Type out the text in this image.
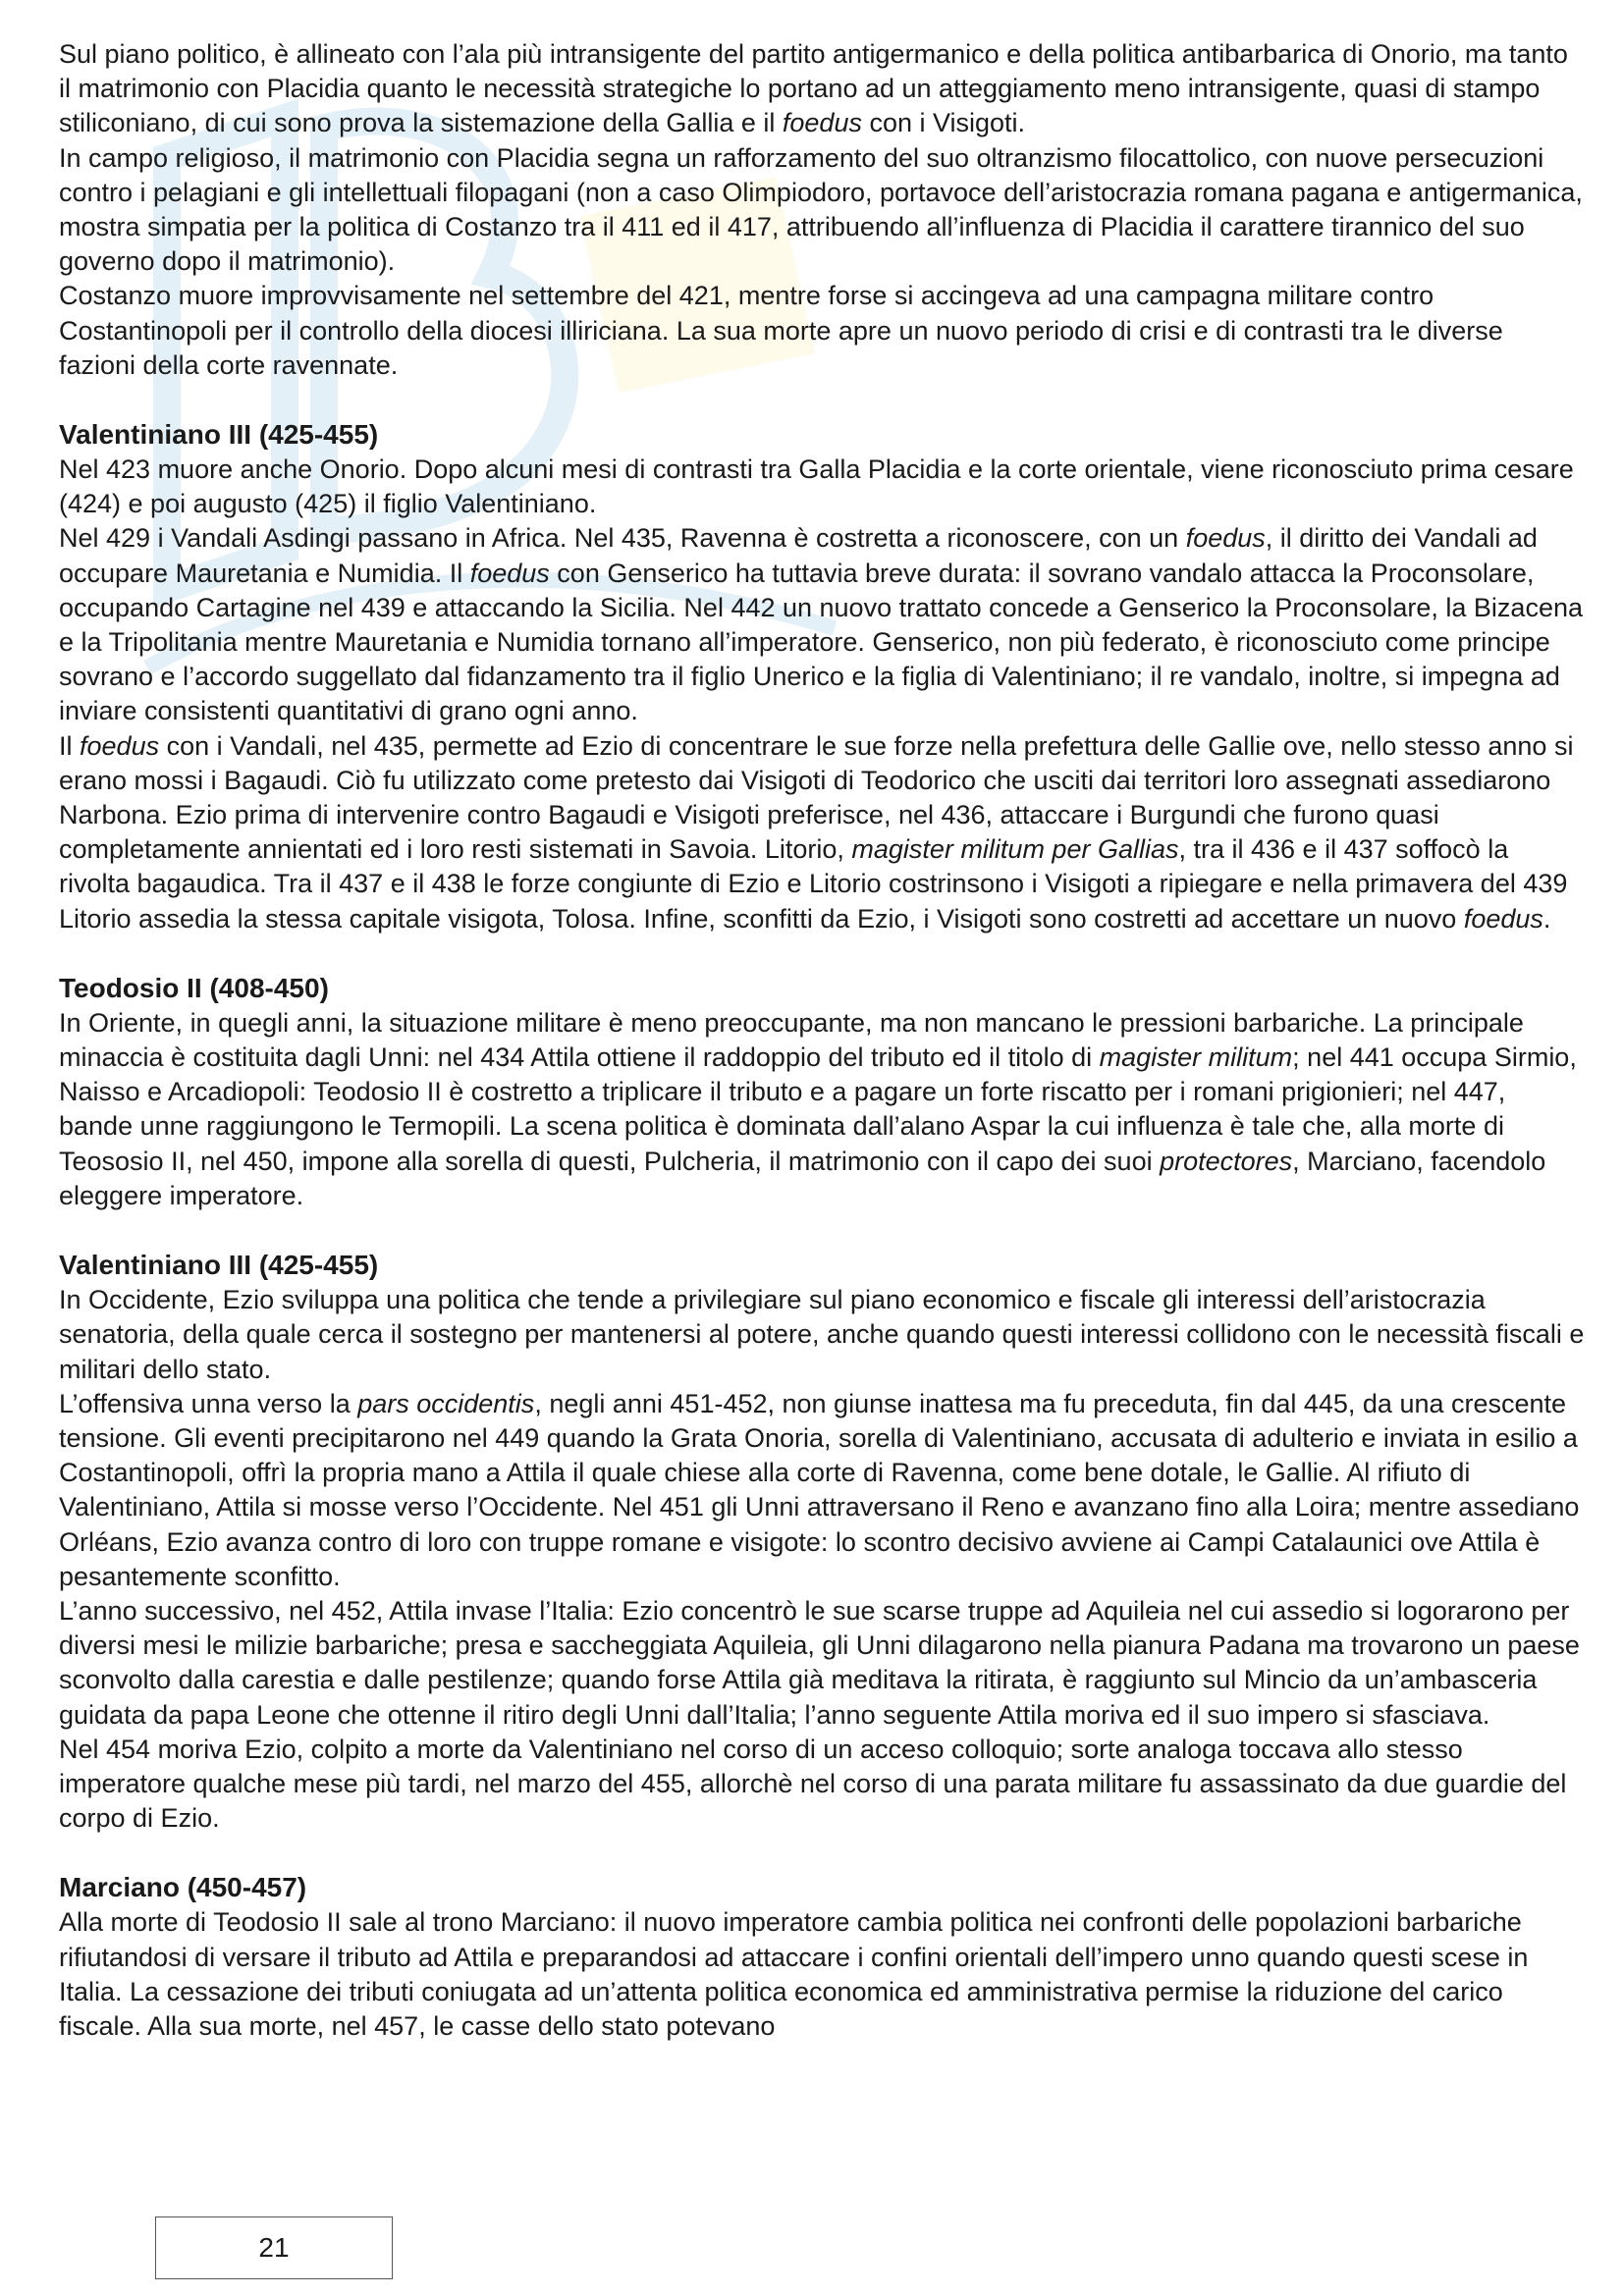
Sul piano politico, è allineato con l’ala più intransigente del partito antigermanico e della politica antibarbarica di Onorio, ma tanto il matrimonio con Placidia quanto le necessità strategiche lo portano ad un atteggiamento meno intransigente, quasi di stampo stiliconiano, di cui sono prova la sistemazione della Gallia e il foedus con i Visigoti.

In campo religioso, il matrimonio con Placidia segna un rafforzamento del suo oltranzismo filocattolico, con nuove persecuzioni contro i pelagiani e gli intellettuali filopagani (non a caso Olimpiodoro, portavoce dell’aristocrazia romana pagana e antigermanica, mostra simpatia per la politica di Costanzo tra il 411 ed il 417, attribuendo all’influenza di Placidia il carattere tirannico del suo governo dopo il matrimonio).

Costanzo muore improvvisamente nel settembre del 421, mentre forse si accingeva ad una campagna militare contro Costantinopoli per il controllo della diocesi illiriciana. La sua morte apre un nuovo periodo di crisi e di contrasti tra le diverse fazioni della corte ravennate.

Valentiniano III (425-455)

Nel 423 muore anche Onorio. Dopo alcuni mesi di contrasti tra Galla Placidia e la corte orientale, viene riconosciuto prima cesare (424) e poi augusto (425) il figlio Valentiniano.

Nel 429 i Vandali Asdingi passano in Africa. Nel 435, Ravenna è costretta a riconoscere, con un foedus, il diritto dei Vandali ad occupare Mauretania e Numidia. Il foedus con Genserico ha tuttavia breve durata: il sovrano vandalo attacca la Proconsolare, occupando Cartagine nel 439 e attaccando la Sicilia. Nel 442 un nuovo trattato concede a Genserico la Proconsolare, la Bizacena e la Tripolitania mentre Mauretania e Numidia tornano all’imperatore. Genserico, non più federato, è riconosciuto come principe sovrano e l’accordo suggellato dal fidanzamento tra il figlio Unerico e la figlia di Valentiniano; il re vandalo, inoltre, si impegna ad inviare consistenti quantitativi di grano ogni anno.

Il foedus con i Vandali, nel 435, permette ad Ezio di concentrare le sue forze nella prefettura delle Gallie ove, nello stesso anno si erano mossi i Bagaudi. Ciò fu utilizzato come pretesto dai Visigoti di Teodorico che usciti dai territori loro assegnati assediarono Narbona. Ezio prima di intervenire contro Bagaudi e Visigoti preferisce, nel 436, attaccare i Burgundi che furono quasi completamente annientati ed i loro resti sistemati in Savoia. Litorio, magister militum per Gallias, tra il 436 e il 437 soffocò la rivolta bagaudica. Tra il 437 e il 438 le forze congiunte di Ezio e Litorio costrinsono i Visigoti a ripiegare e nella primavera del 439 Litorio assedia la stessa capitale visigota, Tolosa. Infine, sconfitti da Ezio, i Visigoti sono costretti ad accettare un nuovo foedus.

Teodosio II (408-450)

In Oriente, in quegli anni, la situazione militare è meno preoccupante, ma non mancano le pressioni barbariche. La principale minaccia è costituita dagli Unni: nel 434 Attila ottiene il raddoppio del tributo ed il titolo di magister militum; nel 441 occupa Sirmio, Naisso e Arcadiopoli: Teodosio II è costretto a triplicare il tributo e a pagare un forte riscatto per i romani prigionieri; nel 447, bande unne raggiungono le Termopili. La scena politica è dominata dall’alano Aspar la cui influenza è tale che, alla morte di Teososio II, nel 450, impone alla sorella di questi, Pulcheria, il matrimonio con il capo dei suoi protectores, Marciano, facendolo eleggere imperatore.

Valentiniano III (425-455)

In Occidente, Ezio sviluppa una politica che tende a privilegiare sul piano economico e fiscale gli interessi dell’aristocrazia senatoria, della quale cerca il sostegno per mantenersi al potere, anche quando questi interessi collidono con le necessità fiscali e militari dello stato.

L’offensiva unna verso la pars occidentis, negli anni 451-452, non giunse inattesa ma fu preceduta, fin dal 445, da una crescente tensione. Gli eventi precipitarono nel 449 quando la Grata Onoria, sorella di Valentiniano, accusata di adulterio e inviata in esilio a Costantinopoli, offrì la propria mano a Attila il quale chiese alla corte di Ravenna, come bene dotale, le Gallie. Al rifiuto di Valentiniano, Attila si mosse verso l’Occidente. Nel 451 gli Unni attraversano il Reno e avanzano fino alla Loira; mentre assediano Orléans, Ezio avanza contro di loro con truppe romane e visigote: lo scontro decisivo avviene ai Campi Catalaunici ove Attila è pesantemente sconfitto.

L’anno successivo, nel 452, Attila invase l’Italia: Ezio concentrò le sue scarse truppe ad Aquileia nel cui assedio si logorarono per diversi mesi le milizie barbariche; presa e saccheggiata Aquileia, gli Unni dilagarono nella pianura Padana ma trovarono un paese sconvolto dalla carestia e dalle pestilenze; quando forse Attila già meditava la ritirata, è raggiunto sul Mincio da un’ambasceria guidata da papa Leone che ottenne il ritiro degli Unni dall’Italia; l’anno seguente Attila moriva ed il suo impero si sfasciava.

Nel 454 moriva Ezio, colpito a morte da Valentiniano nel corso di un acceso colloquio; sorte analoga toccava allo stesso imperatore qualche mese più tardi, nel marzo del 455, allorchè nel corso di una parata militare fu assassinato da due guardie del corpo di Ezio.

Marciano (450-457)

Alla morte di Teodosio II sale al trono Marciano: il nuovo imperatore cambia politica nei confronti delle popolazioni barbariche rifiutandosi di versare il tributo ad Attila e preparandosi ad attaccare i confini orientali dell’impero unno quando questi scese in Italia. La cessazione dei tributi coniugata ad un’attenta politica economica ed amministrativa permise la riduzione del carico fiscale. Alla sua morte, nel 457, le casse dello stato potevano

21
